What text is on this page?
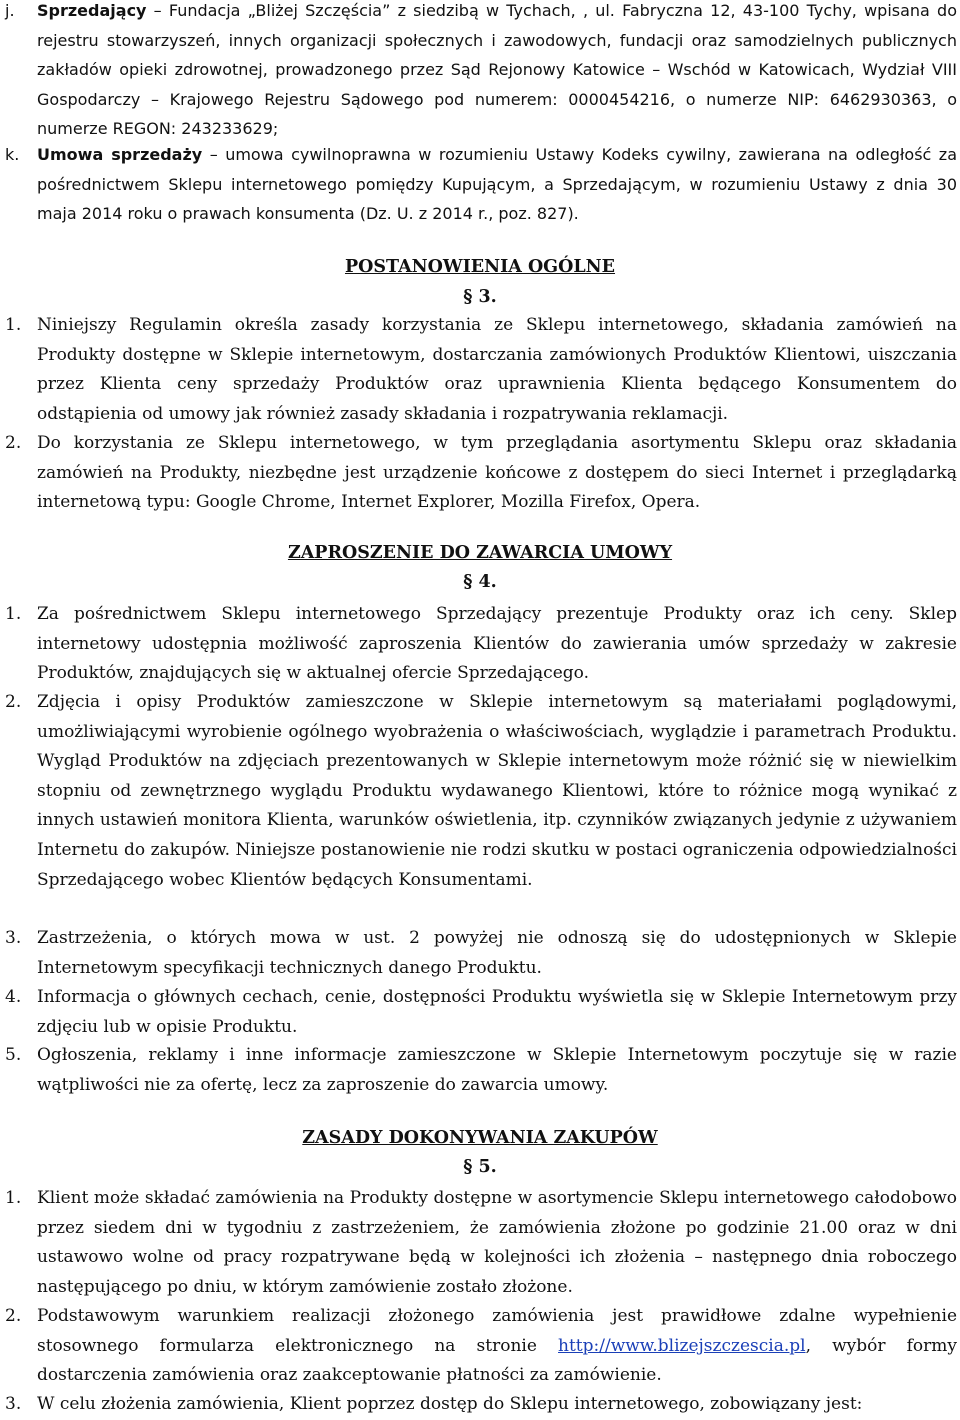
j. Sprzedający – Fundacja „Bliżej Szczęścia” z siedzibą w Tychach, , ul. Fabryczna 12, 43-100 Tychy, wpisana do rejestru stowarzyszeń, innych organizacji społecznych i zawodowych, fundacji oraz samodzielnych publicznych zakładów opieki zdrowotnej, prowadzonego przez Sąd Rejonowy Katowice – Wschód w Katowicach, Wydział VIII Gospodarczy – Krajowego Rejestru Sądowego pod numerem: 0000454216, o numerze NIP: 6462930363, o numerze REGON: 243233629;
k. Umowa sprzedaży – umowa cywilnoprawna w rozumieniu Ustawy Kodeks cywilny, zawierana na odległość za pośrednictwem Sklepu internetowego pomiędzy Kupującym, a Sprzedającym, w rozumieniu Ustawy z dnia 30 maja 2014 roku o prawach konsumenta (Dz. U. z 2014 r., poz. 827).
POSTANOWIENIA OGÓLNE
§ 3.
1. Niniejszy Regulamin określa zasady korzystania ze Sklepu internetowego, składania zamówień na Produkty dostępne w Sklepie internetowym, dostarczania zamówionych Produktów Klientowi, uiszczania przez Klienta ceny sprzedaży Produktów oraz uprawnienia Klienta będącego Konsumentem do odstąpienia od umowy jak również zasady składania i rozpatrywania reklamacji.
2. Do korzystania ze Sklepu internetowego, w tym przeglądania asortymentu Sklepu oraz składania zamówień na Produkty, niezbędne jest urządzenie końcowe z dostępem do sieci Internet i przeglądarką internetową typu: Google Chrome, Internet Explorer, Mozilla Firefox, Opera.
ZAPROSZENIE DO ZAWARCIA UMOWY
§ 4.
1. Za pośrednictwem Sklepu internetowego Sprzedający prezentuje Produkty oraz ich ceny. Sklep internetowy udostępnia możliwość zaproszenia Klientów do zawierania umów sprzedaży w zakresie Produktów, znajdujących się w aktualnej ofercie Sprzedającego.
2. Zdjęcia i opisy Produktów zamieszczone w Sklepie internetowym są materiałami poglądowymi, umożliwiającymi wyrobienie ogólnego wyobrażenia o właściwościach, wyglądzie i parametrach Produktu. Wygląd Produktów na zdjęciach prezentowanych w Sklepie internetowym może różnić się w niewielkim stopniu od zewnętrznego wyglądu Produktu wydawanego Klientowi, które to różnice mogą wynikać z innych ustawień monitora Klienta, warunków oświetlenia, itp. czynników związanych jedynie z używaniem Internetu do zakupów. Niniejsze postanowienie nie rodzi skutku w postaci ograniczenia odpowiedzialności Sprzedającego wobec Klientów będących Konsumentami.
3. Zastrzeżenia, o których mowa w ust. 2 powyżej nie odnoszą się do udostępnionych w Sklepie Internetowym specyfikacji technicznych danego Produktu.
4. Informacja o głównych cechach, cenie, dostępności Produktu wyświetla się w Sklepie Internetowym przy zdjęciu lub w opisie Produktu.
5. Ogłoszenia, reklamy i inne informacje zamieszczone w Sklepie Internetowym poczytuje się w razie wątpliwości nie za ofertę, lecz za zaproszenie do zawarcia umowy.
ZASADY DOKONYWANIA ZAKUPÓW
§ 5.
1. Klient może składać zamówienia na Produkty dostępne w asortymencie Sklepu internetowego całodobowo przez siedem dni w tygodniu z zastrzeżeniem, że zamówienia złożone po godzinie 21.00 oraz w dni ustawowo wolne od pracy rozpatrywane będą w kolejności ich złożenia – następnego dnia roboczego następującego po dniu, w którym zamówienie zostało złożone.
2. Podstawowym warunkiem realizacji złożonego zamówienia jest prawidłowe zdalne wypełnienie stosownego formularza elektronicznego na stronie http://www.blizejszczescia.pl, wybór formy dostarczenia zamówienia oraz zaakceptowanie płatności za zamówienie.
3. W celu złożenia zamówienia, Klient poprzez dostęp do Sklepu internetowego, zobowiązany jest:
